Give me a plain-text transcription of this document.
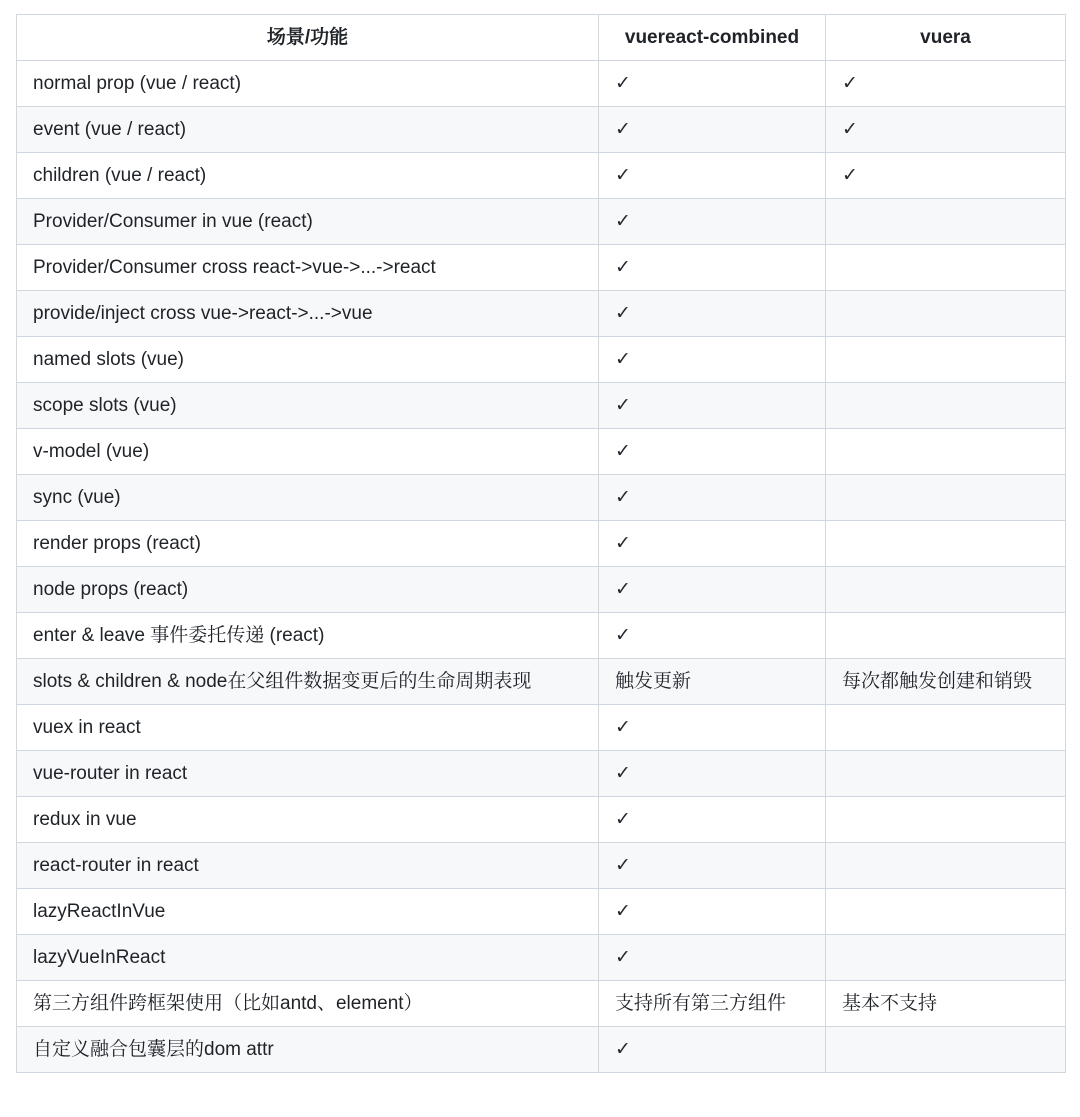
场景/功能	vuereact-combined	vuera
normal prop (vue / react)	✓	✓
event (vue / react)	✓	✓
children (vue / react)	✓	✓
Provider/Consumer in vue (react)	✓	
Provider/Consumer cross react->vue->...->react	✓	
provide/inject cross vue->react->...->vue	✓	
named slots (vue)	✓	
scope slots (vue)	✓	
v-model (vue)	✓	
sync (vue)	✓	
render props (react)	✓	
node props (react)	✓	
enter & leave 事件委托传递 (react)	✓	
slots & children & node在父组件数据变更后的生命周期表现	触发更新	每次都触发创建和销毁
vuex in react	✓	
vue-router in react	✓	
redux in vue	✓	
react-router in react	✓	
lazyReactInVue	✓	
lazyVueInReact	✓	
第三方组件跨框架使用（比如antd、element）	支持所有第三方组件	基本不支持
自定义融合包囊层的dom attr	✓	
